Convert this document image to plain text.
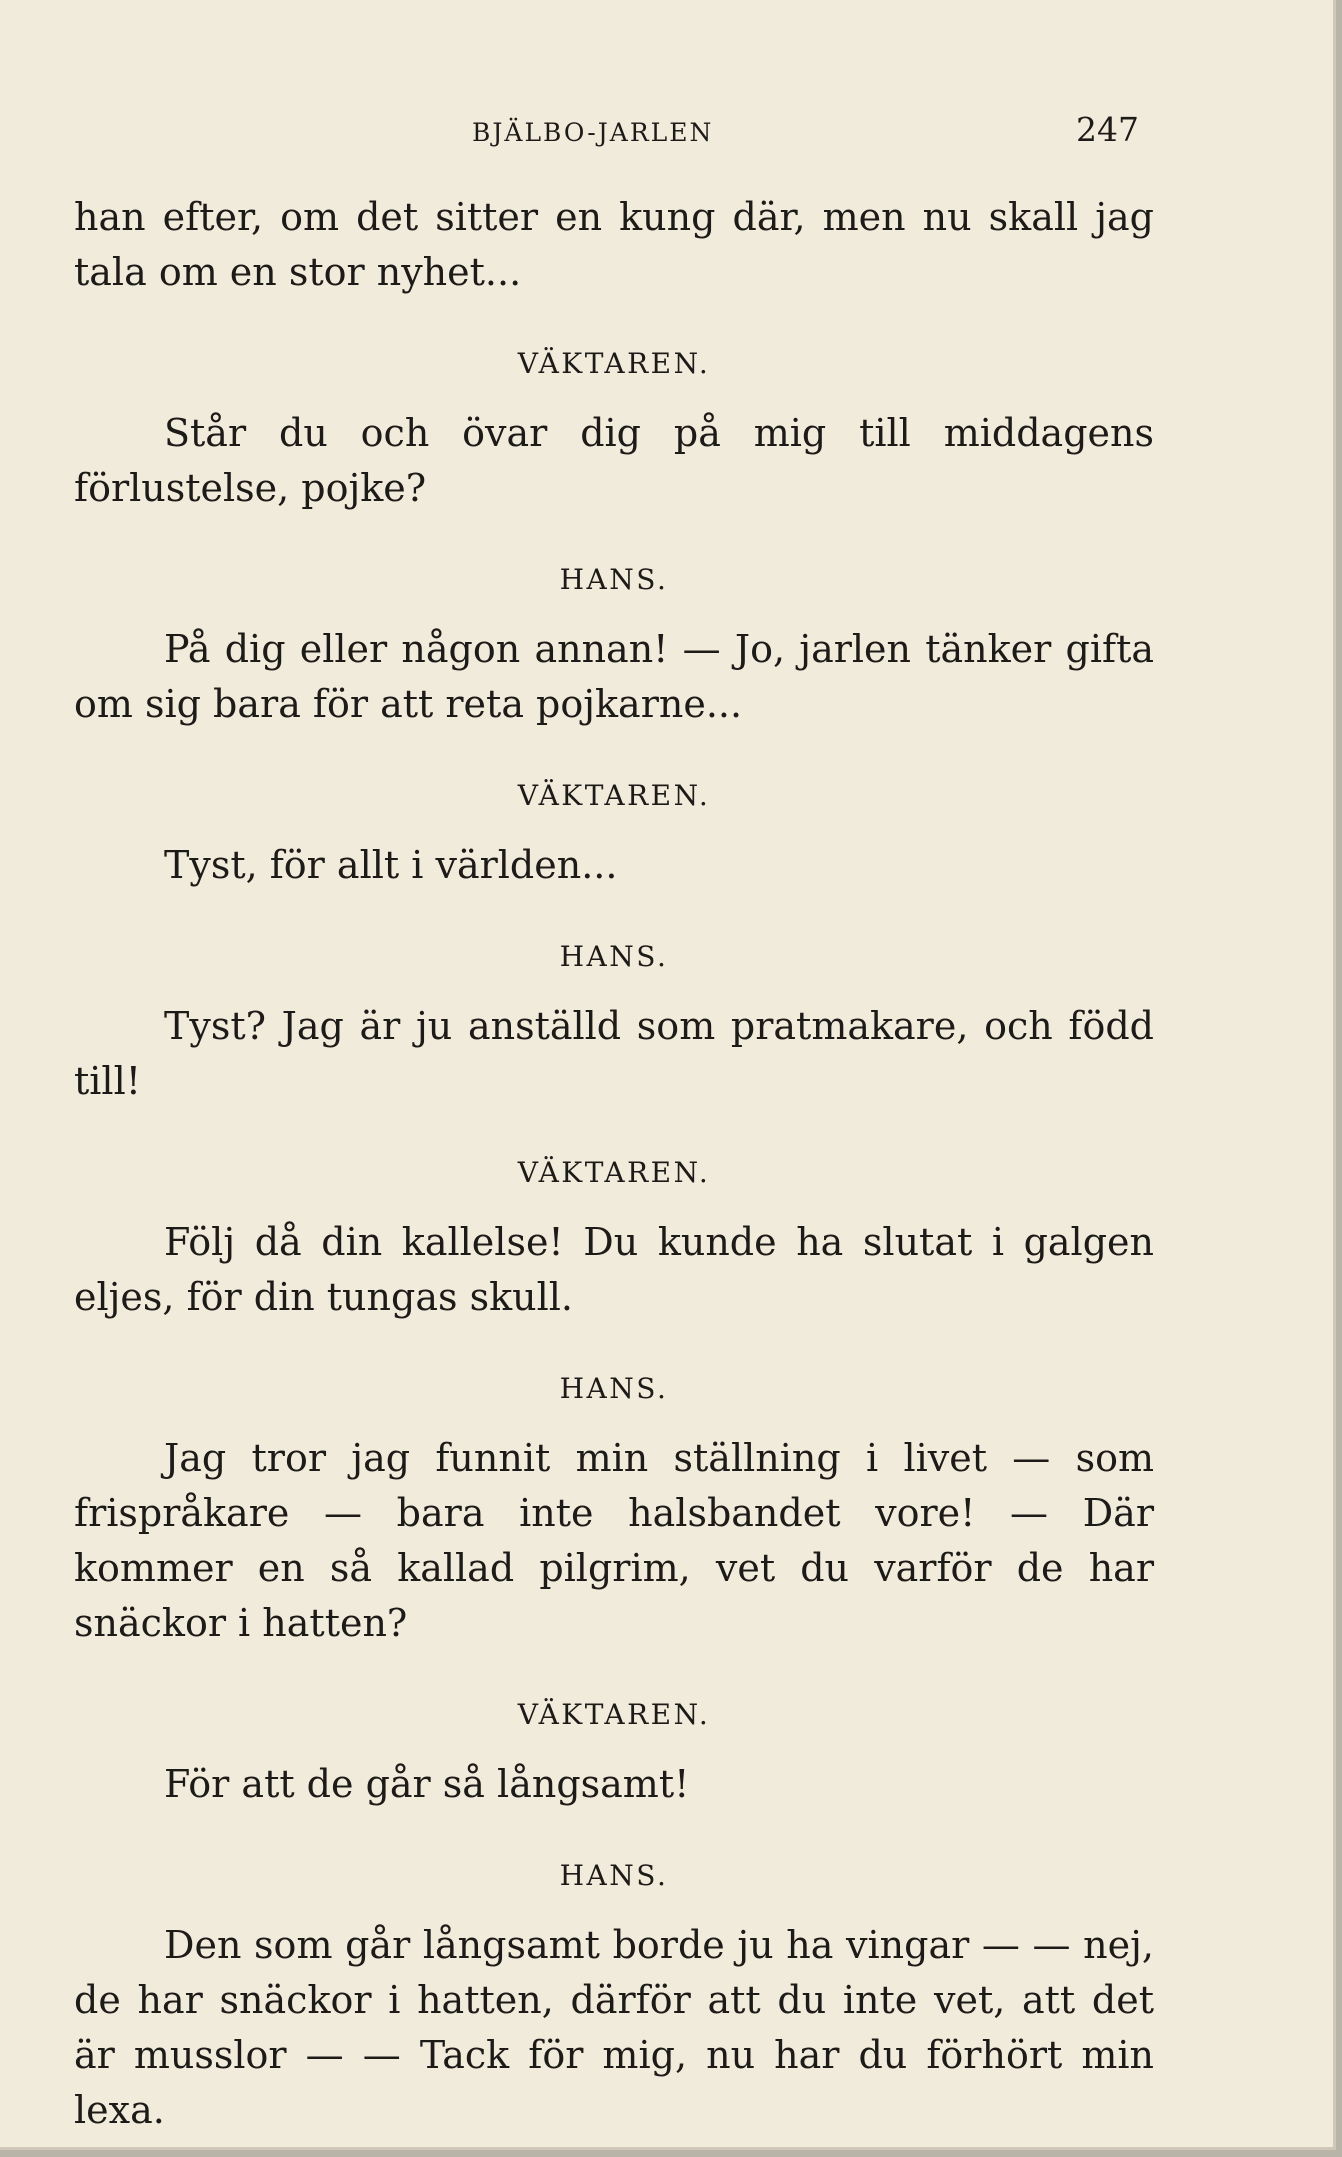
BJÄLBO-JARLEN	247

han efter, om det sitter en kung där, men nu skall jag tala om en stor nyhet...

VÄKTAREN.

Står du och övar dig på mig till middagens förlustelse, pojke?

HANS.

På dig eller någon annan! — Jo, jarlen tänker gifta om sig bara för att reta pojkarne...

VÄKTAREN.

Tyst, för allt i världen...

HANS.

Tyst? Jag är ju anställd som pratmakare, och född till!

VÄKTAREN.

Följ då din kallelse! Du kunde ha slutat i galgen eljes, för din tungas skull.

HANS.

Jag tror jag funnit min ställning i livet — som frispråkare — bara inte halsbandet vore! — Där kommer en så kallad pilgrim, vet du varför de har snäckor i hatten?

VÄKTAREN.

För att de går så långsamt!

HANS.

Den som går långsamt borde ju ha vingar — — nej, de har snäckor i hatten, därför att du inte vet, att det är musslor — — Tack för mig, nu har du förhört min lexa.
